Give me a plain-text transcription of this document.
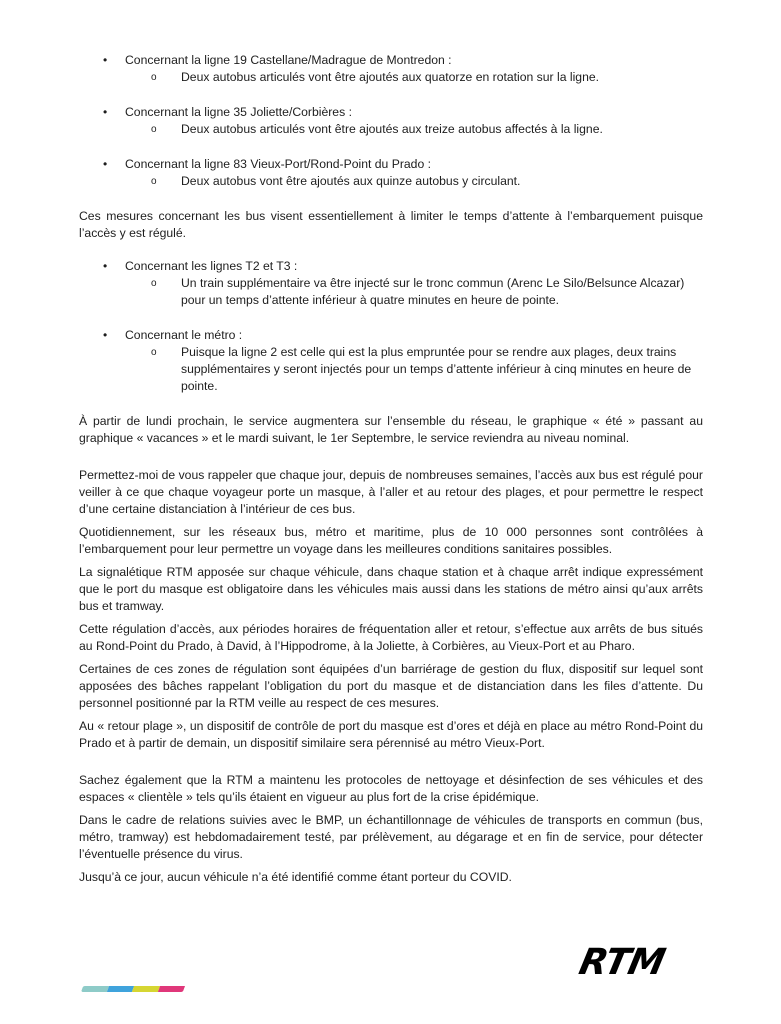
• Concernant la ligne 19 Castellane/Madrague de Montredon :
o Deux autobus articulés vont être ajoutés aux quatorze en rotation sur la ligne.
• Concernant la ligne 35 Joliette/Corbières :
o Deux autobus articulés vont être ajoutés aux treize autobus affectés à la ligne.
• Concernant la ligne 83 Vieux-Port/Rond-Point du Prado :
o Deux autobus vont être ajoutés aux quinze autobus y circulant.

Ces mesures concernant les bus visent essentiellement à limiter le temps d’attente à l’embarquement puisque l’accès y est régulé.

• Concernant les lignes T2 et T3 :
o Un train supplémentaire va être injecté sur le tronc commun (Arenc Le Silo/Belsunce Alcazar) pour un temps d’attente inférieur à quatre minutes en heure de pointe.
• Concernant le métro :
o Puisque la ligne 2 est celle qui est la plus empruntée pour se rendre aux plages, deux trains supplémentaires y seront injectés pour un temps d’attente inférieur à cinq minutes en heure de pointe.

À partir de lundi prochain, le service augmentera sur l’ensemble du réseau, le graphique « été » passant au graphique « vacances » et le mardi suivant, le 1er Septembre, le service reviendra au niveau nominal.

Permettez-moi de vous rappeler que chaque jour, depuis de nombreuses semaines, l’accès aux bus est régulé pour veiller à ce que chaque voyageur porte un masque, à l’aller et au retour des plages, et pour permettre le respect d’une certaine distanciation à l’intérieur de ces bus.

Quotidiennement, sur les réseaux bus, métro et maritime, plus de 10 000 personnes sont contrôlées à l’embarquement pour leur permettre un voyage dans les meilleures conditions sanitaires possibles.

La signalétique RTM apposée sur chaque véhicule, dans chaque station et à chaque arrêt indique expressément que le port du masque est obligatoire dans les véhicules mais aussi dans les stations de métro ainsi qu’aux arrêts bus et tramway.

Cette régulation d’accès, aux périodes horaires de fréquentation aller et retour, s’effectue aux arrêts de bus situés au Rond-Point du Prado, à David, à l’Hippodrome, à la Joliette, à Corbières, au Vieux-Port et au Pharo.

Certaines de ces zones de régulation sont équipées d’un barriérage de gestion du flux, dispositif sur lequel sont apposées des bâches rappelant l’obligation du port du masque et de distanciation dans les files d’attente. Du personnel positionné par la RTM veille au respect de ces mesures.

Au « retour plage », un dispositif de contrôle de port du masque est d’ores et déjà en place au métro Rond-Point du Prado et à partir de demain, un dispositif similaire sera pérennisé au métro Vieux-Port.

Sachez également que la RTM a maintenu les protocoles de nettoyage et désinfection de ses véhicules et des espaces « clientèle » tels qu’ils étaient en vigueur au plus fort de la crise épidémique.

Dans le cadre de relations suivies avec le BMP, un échantillonnage de véhicules de transports en commun (bus, métro, tramway) est hebdomadairement testé, par prélèvement, au dégarage et en fin de service, pour détecter l’éventuelle présence du virus.

Jusqu’à ce jour, aucun véhicule n’a été identifié comme étant porteur du COVID.

RTM
